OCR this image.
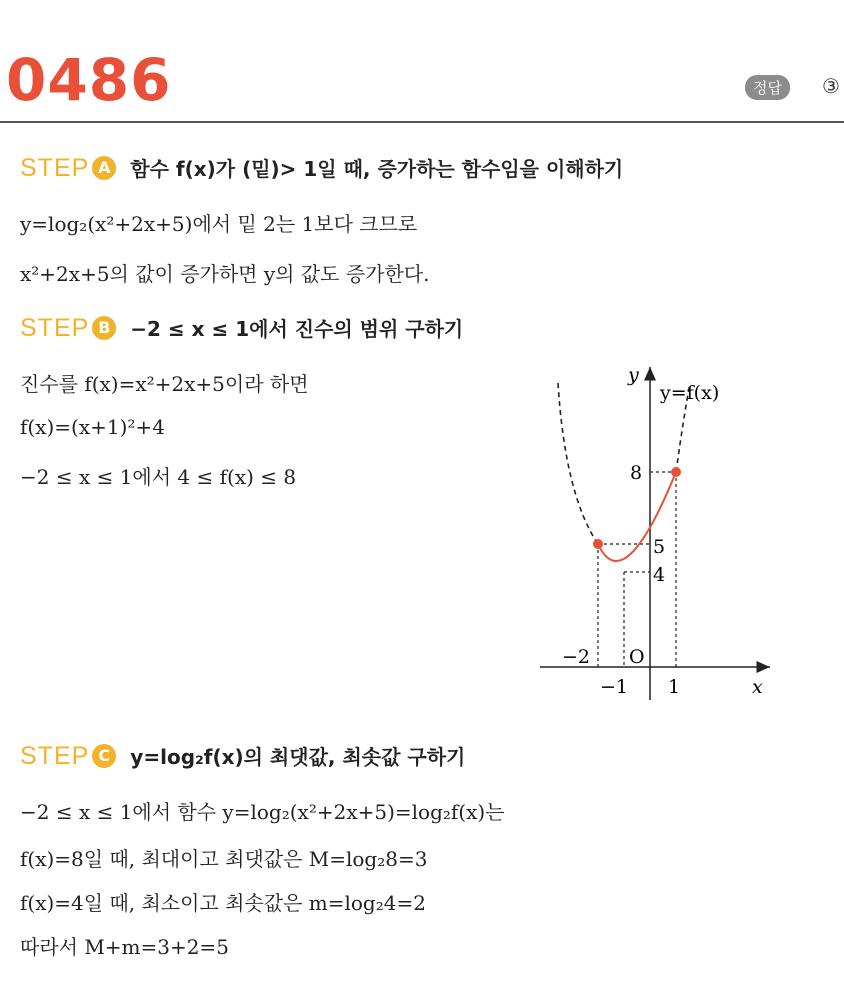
0486	정답	③
STEP A 함수 f(x)가 (밑)> 1일 때, 증가하는 함수임을 이해하기
y=log₂(x²+2x+5)에서 밑 2는 1보다 크므로
x²+2x+5의 값이 증가하면 y의 값도 증가한다.
STEP B −2 ≤ x ≤ 1에서 진수의 범위 구하기
진수를 f(x)=x²+2x+5이라 하면
f(x)=(x+1)²+4
−2 ≤ x ≤ 1에서 4 ≤ f(x) ≤ 8
y
y=f(x)
x
O
−2
−1 1
8
5
4
STEP C y=log₂f(x)의 최댓값, 최솟값 구하기
−2 ≤ x ≤ 1에서 함수 y=log₂(x²+2x+5)=log₂f(x)는
f(x)=8일 때, 최대이고 최댓값은 M=log₂8=3
f(x)=4일 때, 최소이고 최솟값은 m=log₂4=2
따라서 M+m=3+2=5
